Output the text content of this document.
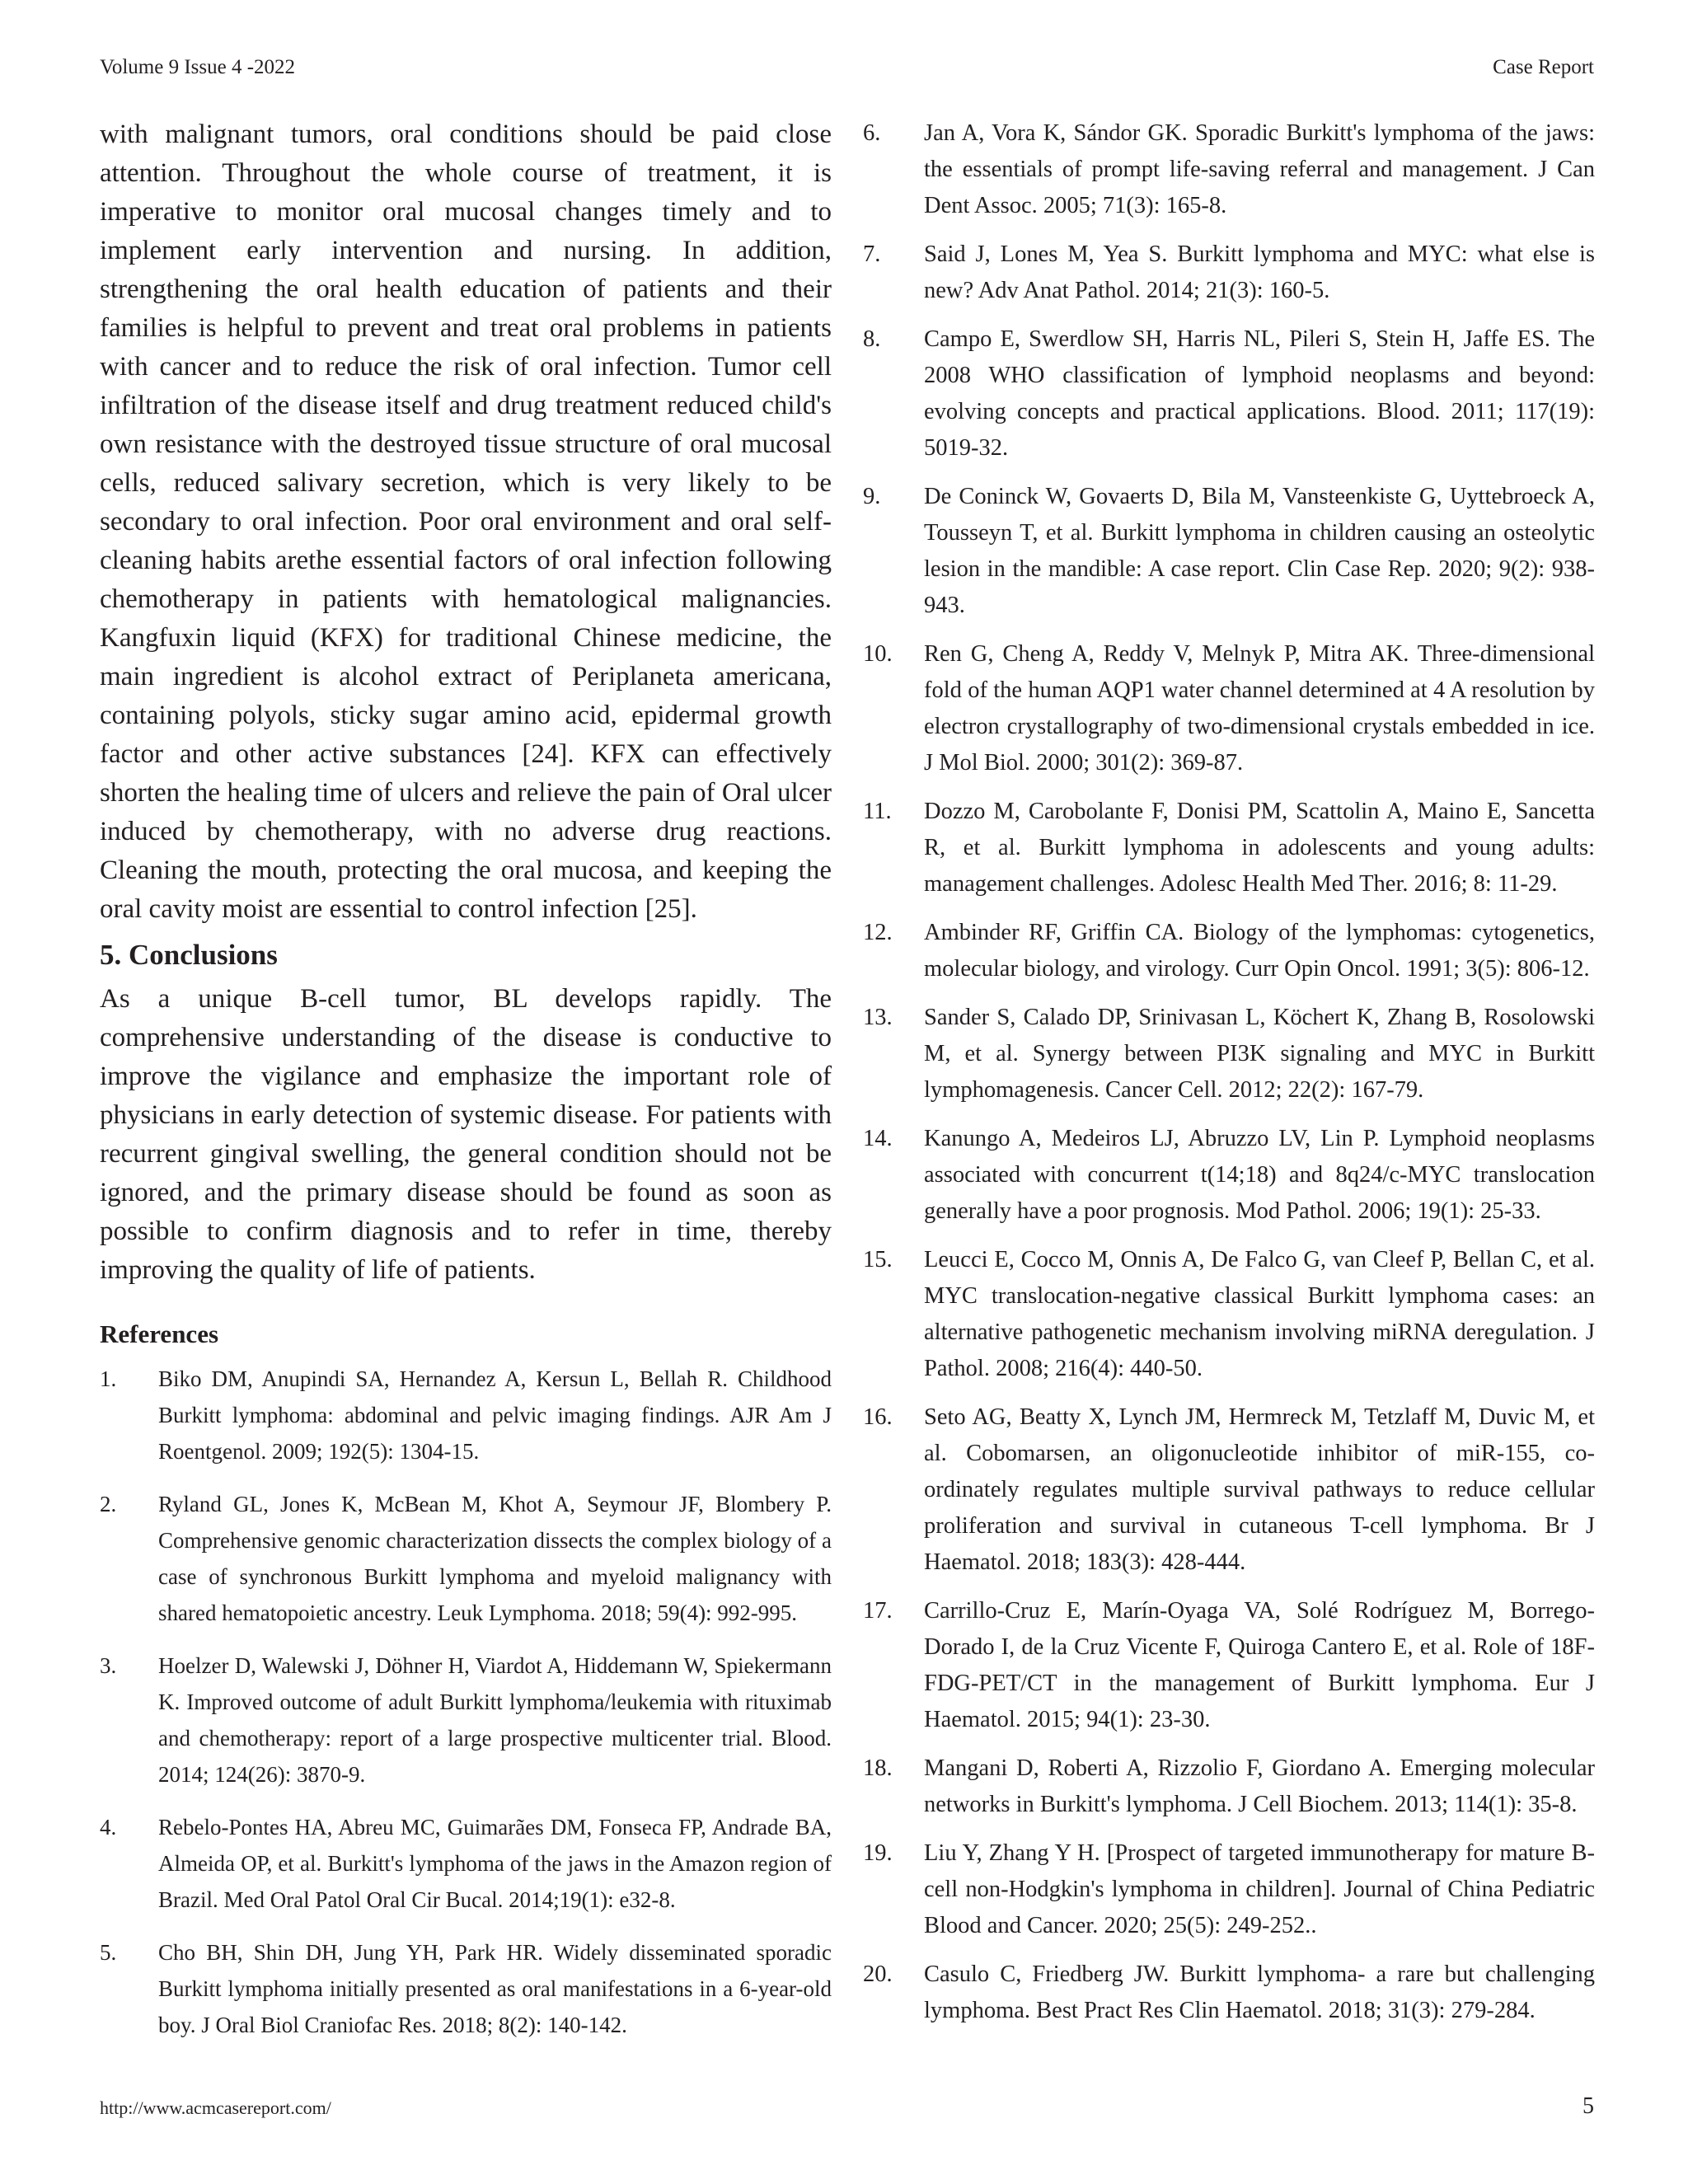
Volume 9 Issue 4 -2022	Case Report

with malignant tumors, oral conditions should be paid close attention. Throughout the whole course of treatment, it is imperative to monitor oral mucosal changes timely and to implement early intervention and nursing. In addition, strengthening the oral health education of patients and their families is helpful to prevent and treat oral problems in patients with cancer and to reduce the risk of oral infection. Tumor cell infiltration of the disease itself and drug treatment reduced child's own resistance with the destroyed tissue structure of oral mucosal cells, reduced salivary secretion, which is very likely to be secondary to oral infection. Poor oral environment and oral self-cleaning habits arethe essential factors of oral infection following chemotherapy in patients with hematological malignancies. Kangfuxin liquid (KFX) for traditional Chinese medicine, the main ingredient is alcohol extract of Periplaneta americana, containing polyols, sticky sugar amino acid, epidermal growth factor and other active substances [24]. KFX can effectively shorten the healing time of ulcers and relieve the pain of Oral ulcer induced by chemotherapy, with no adverse drug reactions. Cleaning the mouth, protecting the oral mucosa, and keeping the oral cavity moist are essential to control infection [25].

5. Conclusions

As a unique B-cell tumor, BL develops rapidly. The comprehensive understanding of the disease is conductive to improve the vigilance and emphasize the important role of physicians in early detection of systemic disease. For patients with recurrent gingival swelling, the general condition should not be ignored, and the primary disease should be found as soon as possible to confirm diagnosis and to refer in time, thereby improving the quality of life of patients.

References
1.	Biko DM, Anupindi SA, Hernandez A, Kersun L, Bellah R. Childhood Burkitt lymphoma: abdominal and pelvic imaging findings. AJR Am J Roentgenol. 2009; 192(5): 1304-15.
2.	Ryland GL, Jones K, McBean M, Khot A, Seymour JF, Blombery P. Comprehensive genomic characterization dissects the complex biology of a case of synchronous Burkitt lymphoma and myeloid malignancy with shared hematopoietic ancestry. Leuk Lymphoma. 2018; 59(4): 992-995.
3.	Hoelzer D, Walewski J, Döhner H, Viardot A, Hiddemann W, Spiekermann K. Improved outcome of adult Burkitt lymphoma/leukemia with rituximab and chemotherapy: report of a large prospective multicenter trial. Blood. 2014; 124(26): 3870-9.
4.	Rebelo-Pontes HA, Abreu MC, Guimarães DM, Fonseca FP, Andrade BA, Almeida OP, et al. Burkitt's lymphoma of the jaws in the Amazon region of Brazil. Med Oral Patol Oral Cir Bucal. 2014;19(1): e32-8.
5.	Cho BH, Shin DH, Jung YH, Park HR. Widely disseminated sporadic Burkitt lymphoma initially presented as oral manifestations in a 6-year-old boy. J Oral Biol Craniofac Res. 2018; 8(2): 140-142.
6.	Jan A, Vora K, Sándor GK. Sporadic Burkitt's lymphoma of the jaws: the essentials of prompt life-saving referral and management. J Can Dent Assoc. 2005; 71(3): 165-8.
7.	Said J, Lones M, Yea S. Burkitt lymphoma and MYC: what else is new? Adv Anat Pathol. 2014; 21(3): 160-5.
8.	Campo E, Swerdlow SH, Harris NL, Pileri S, Stein H, Jaffe ES. The 2008 WHO classification of lymphoid neoplasms and beyond: evolving concepts and practical applications. Blood. 2011; 117(19): 5019-32.
9.	De Coninck W, Govaerts D, Bila M, Vansteenkiste G, Uyttebroeck A, Tousseyn T, et al. Burkitt lymphoma in children causing an osteolytic lesion in the mandible: A case report. Clin Case Rep. 2020; 9(2): 938-943.
10.	Ren G, Cheng A, Reddy V, Melnyk P, Mitra AK. Three-dimensional fold of the human AQP1 water channel determined at 4 A resolution by electron crystallography of two-dimensional crystals embedded in ice. J Mol Biol. 2000; 301(2): 369-87.
11.	Dozzo M, Carobolante F, Donisi PM, Scattolin A, Maino E, Sancetta R, et al. Burkitt lymphoma in adolescents and young adults: management challenges. Adolesc Health Med Ther. 2016; 8: 11-29.
12.	Ambinder RF, Griffin CA. Biology of the lymphomas: cytogenetics, molecular biology, and virology. Curr Opin Oncol. 1991; 3(5): 806-12.
13.	Sander S, Calado DP, Srinivasan L, Köchert K, Zhang B, Rosolowski M, et al. Synergy between PI3K signaling and MYC in Burkitt lymphomagenesis. Cancer Cell. 2012; 22(2): 167-79.
14.	Kanungo A, Medeiros LJ, Abruzzo LV, Lin P. Lymphoid neoplasms associated with concurrent t(14;18) and 8q24/c-MYC translocation generally have a poor prognosis. Mod Pathol. 2006; 19(1): 25-33.
15.	Leucci E, Cocco M, Onnis A, De Falco G, van Cleef P, Bellan C, et al. MYC translocation-negative classical Burkitt lymphoma cases: an alternative pathogenetic mechanism involving miRNA deregulation. J Pathol. 2008; 216(4): 440-50.
16.	Seto AG, Beatty X, Lynch JM, Hermreck M, Tetzlaff M, Duvic M, et al. Cobomarsen, an oligonucleotide inhibitor of miR-155, co-ordinately regulates multiple survival pathways to reduce cellular proliferation and survival in cutaneous T-cell lymphoma. Br J Haematol. 2018; 183(3): 428-444.
17.	Carrillo-Cruz E, Marín-Oyaga VA, Solé Rodríguez M, Borrego-Dorado I, de la Cruz Vicente F, Quiroga Cantero E, et al. Role of 18F-FDG-PET/CT in the management of Burkitt lymphoma. Eur J Haematol. 2015; 94(1): 23-30.
18.	Mangani D, Roberti A, Rizzolio F, Giordano A. Emerging molecular networks in Burkitt's lymphoma. J Cell Biochem. 2013; 114(1): 35-8.
19.	Liu Y, Zhang Y H. [Prospect of targeted immunotherapy for mature B-cell non-Hodgkin's lymphoma in children]. Journal of China Pediatric Blood and Cancer. 2020; 25(5): 249-252..
20.	Casulo C, Friedberg JW. Burkitt lymphoma- a rare but challenging lymphoma. Best Pract Res Clin Haematol. 2018; 31(3): 279-284.
http://www.acmcasereport.com/	5
